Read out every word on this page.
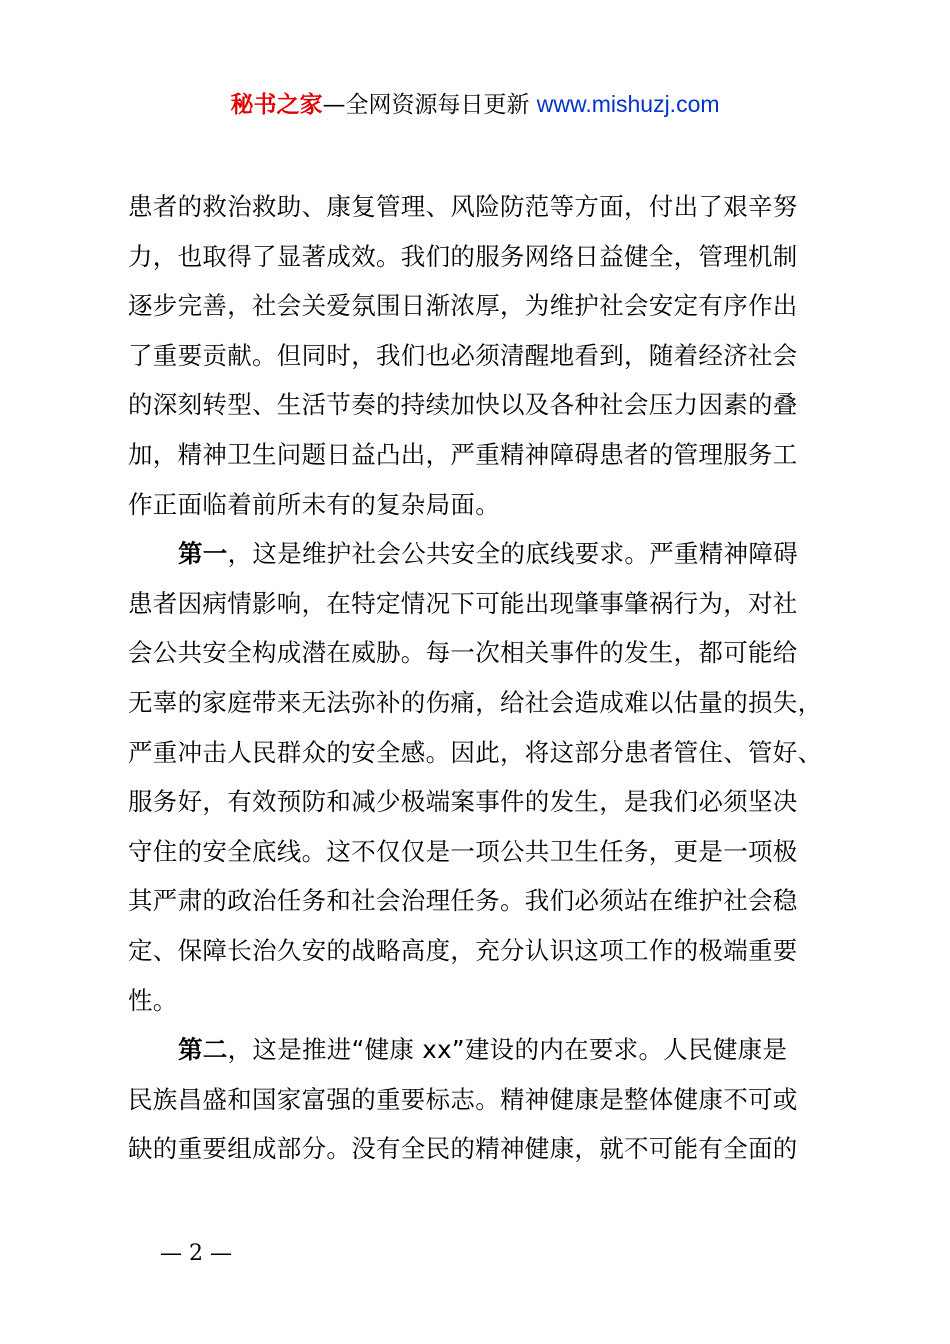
秘书之家—全网资源每日更新 www.mishuzj.com

患者的救治救助、康复管理、风险防范等方面，付出了艰辛努
力，也取得了显著成效。我们的服务网络日益健全，管理机制
逐步完善，社会关爱氛围日渐浓厚，为维护社会安定有序作出
了重要贡献。但同时，我们也必须清醒地看到，随着经济社会
的深刻转型、生活节奏的持续加快以及各种社会压力因素的叠
加，精神卫生问题日益凸出，严重精神障碍患者的管理服务工
作正面临着前所未有的复杂局面。

第一，这是维护社会公共安全的底线要求。严重精神障碍
患者因病情影响，在特定情况下可能出现肇事肇祸行为，对社
会公共安全构成潜在威胁。每一次相关事件的发生，都可能给
无辜的家庭带来无法弥补的伤痛，给社会造成难以估量的损失，
严重冲击人民群众的安全感。因此，将这部分患者管住、管好、
服务好，有效预防和减少极端案事件的发生，是我们必须坚决
守住的安全底线。这不仅仅是一项公共卫生任务，更是一项极
其严肃的政治任务和社会治理任务。我们必须站在维护社会稳
定、保障长治久安的战略高度，充分认识这项工作的极端重要
性。

第二，这是推进“健康 xx”建设的内在要求。人民健康是
民族昌盛和国家富强的重要标志。精神健康是整体健康不可或
缺的重要组成部分。没有全民的精神健康，就不可能有全面的

— 2 —
